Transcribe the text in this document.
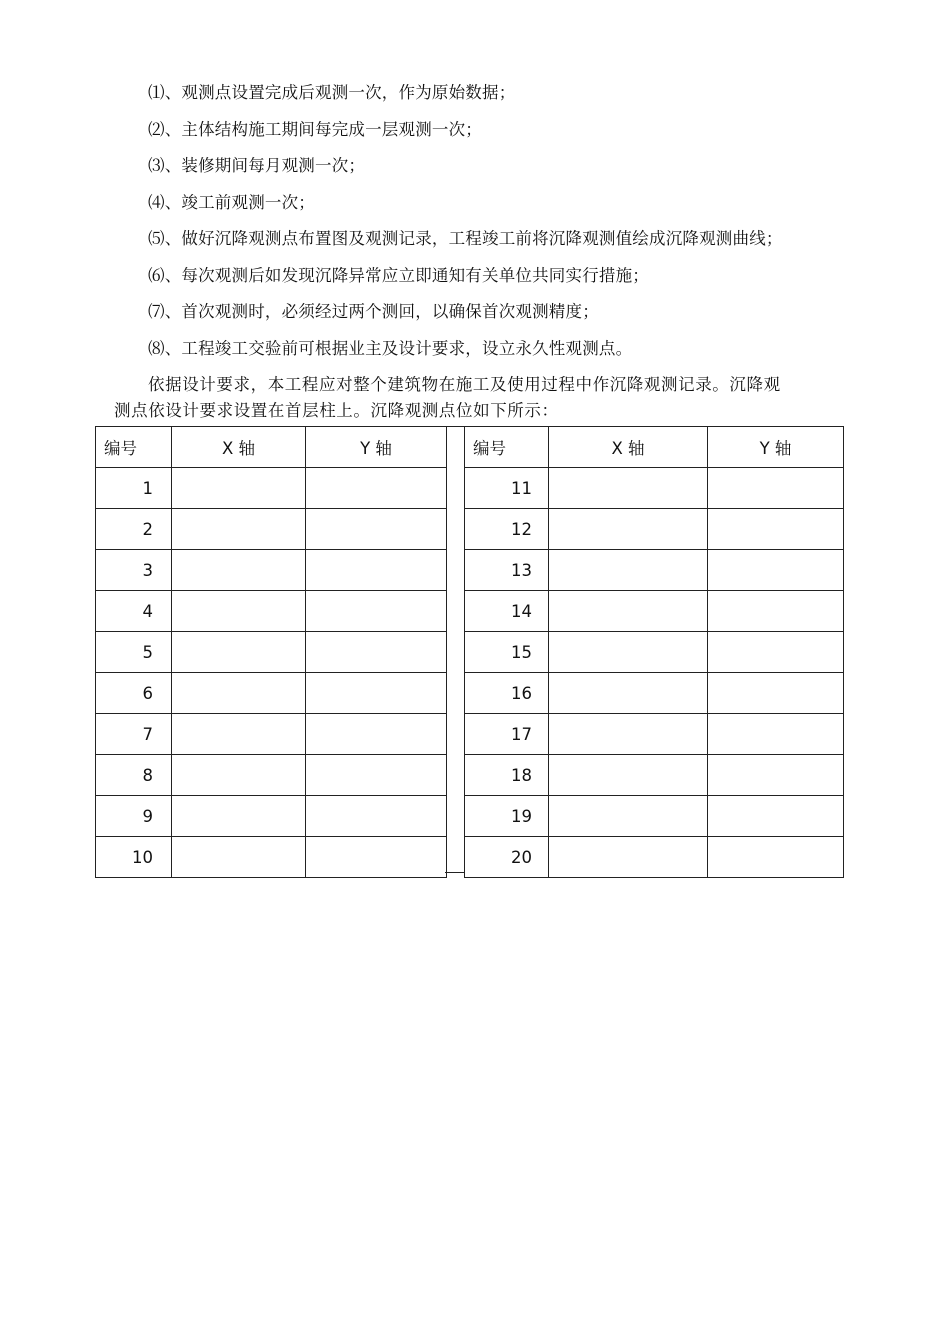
⑴、观测点设置完成后观测一次，作为原始数据；
⑵、主体结构施工期间每完成一层观测一次；
⑶、装修期间每月观测一次；
⑷、竣工前观测一次；
⑸、做好沉降观测点布置图及观测记录，工程竣工前将沉降观测值绘成沉降观测曲线；
⑹、每次观测后如发现沉降异常应立即通知有关单位共同实行措施；
⑺、首次观测时，必须经过两个测回，以确保首次观测精度；
⑻、工程竣工交验前可根据业主及设计要求，设立永久性观测点。
依据设计要求，本工程应对整个建筑物在施工及使用过程中作沉降观测记录。沉降观
测点依设计要求设置在首层柱上。沉降观测点位如下所示：
编号	X 轴	Y 轴
1		
2		
3		
4		
5		
6		
7		
8		
9		
10		
编号	X 轴	Y 轴
11		
12		
13		
14		
15		
16		
17		
18		
19		
20		
